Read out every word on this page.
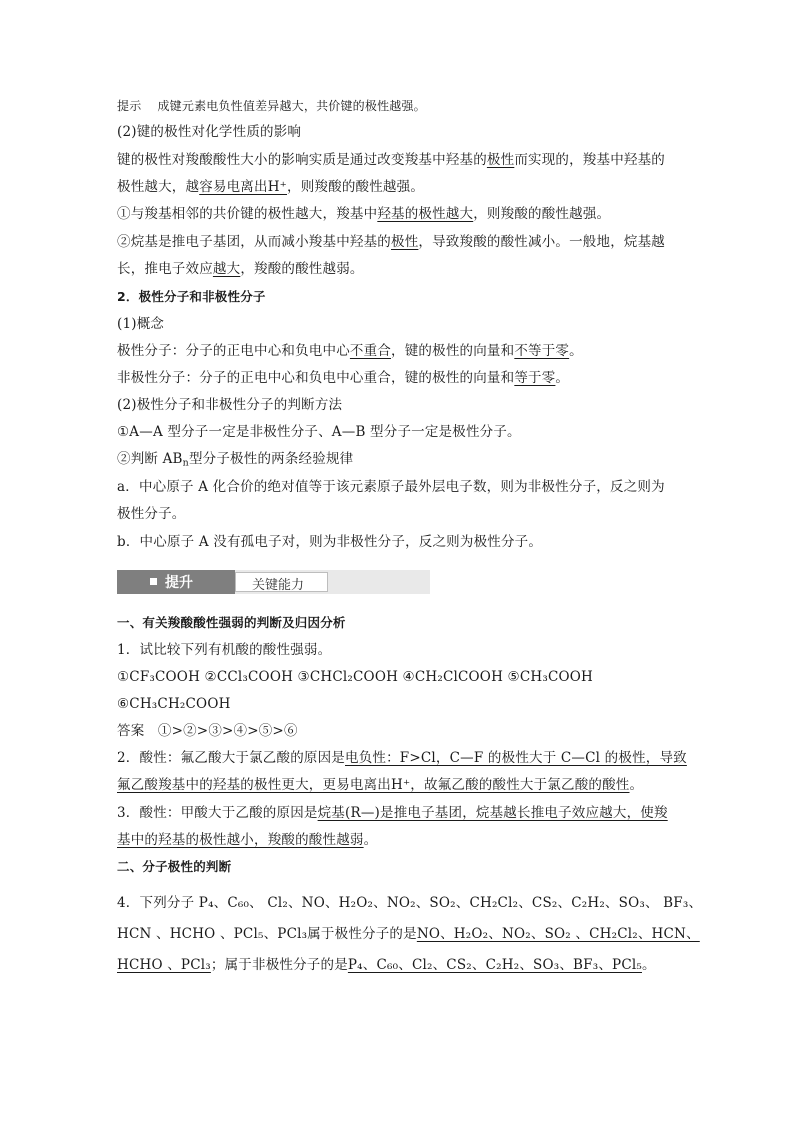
提示 成键元素电负性值差异越大，共价键的极性越强。
(2)键的极性对化学性质的影响
键的极性对羧酸酸性大小的影响实质是通过改变羧基中羟基的极性而实现的，羧基中羟基的
极性越大，越容易电离出H⁺，则羧酸的酸性越强。
①与羧基相邻的共价键的极性越大，羧基中羟基的极性越大，则羧酸的酸性越强。
②烷基是推电子基团，从而减小羧基中羟基的极性，导致羧酸的酸性减小。一般地，烷基越
长，推电子效应越大，羧酸的酸性越弱。
2．极性分子和非极性分子
(1)概念
极性分子：分子的正电中心和负电中心不重合，键的极性的向量和不等于零。
非极性分子：分子的正电中心和负电中心重合，键的极性的向量和等于零。
(2)极性分子和非极性分子的判断方法
①A—A 型分子一定是非极性分子、A—B 型分子一定是极性分子。
②判断 $AB_n$型分子极性的两条经验规律
a．中心原子 A 化合价的绝对值等于该元素原子最外层电子数，则为非极性分子，反之则为
极性分子。
b．中心原子 A 没有孤电子对，则为非极性分子，反之则为极性分子。
提升	关键能力
一、有关羧酸酸性强弱的判断及归因分析
1．试比较下列有机酸的酸性强弱。
①CF₃COOH ②CCl₃COOH ③CHCl₂COOH ④CH₂ClCOOH ⑤CH₃COOH
⑥CH₃CH₂COOH
答案 ①>②>③>④>⑤>⑥
2．酸性：氟乙酸大于氯乙酸的原因是电负性：F>Cl，C—F 的极性大于 C—Cl 的极性，导致
氟乙酸羧基中的羟基的极性更大，更易电离出H⁺，故氟乙酸的酸性大于氯乙酸的酸性。
3．酸性：甲酸大于乙酸的原因是烷基(R—)是推电子基团，烷基越长推电子效应越大，使羧
基中的羟基的极性越小，羧酸的酸性越弱。
二、分子极性的判断
4．下列分子 P₄、C₆₀、 Cl₂、NO、H₂O₂、NO₂、SO₂、CH₂Cl₂、CS₂、C₂H₂、SO₃、 BF₃、
HCN 、HCHO 、PCl₅、PCl₃属于极性分子的是NO、H₂O₂、NO₂、SO₂ 、CH₂Cl₂、HCN、
HCHO 、PCl₃；属于非极性分子的是P₄、C₆₀、Cl₂、CS₂、C₂H₂、SO₃、BF₃、PCl₅。
